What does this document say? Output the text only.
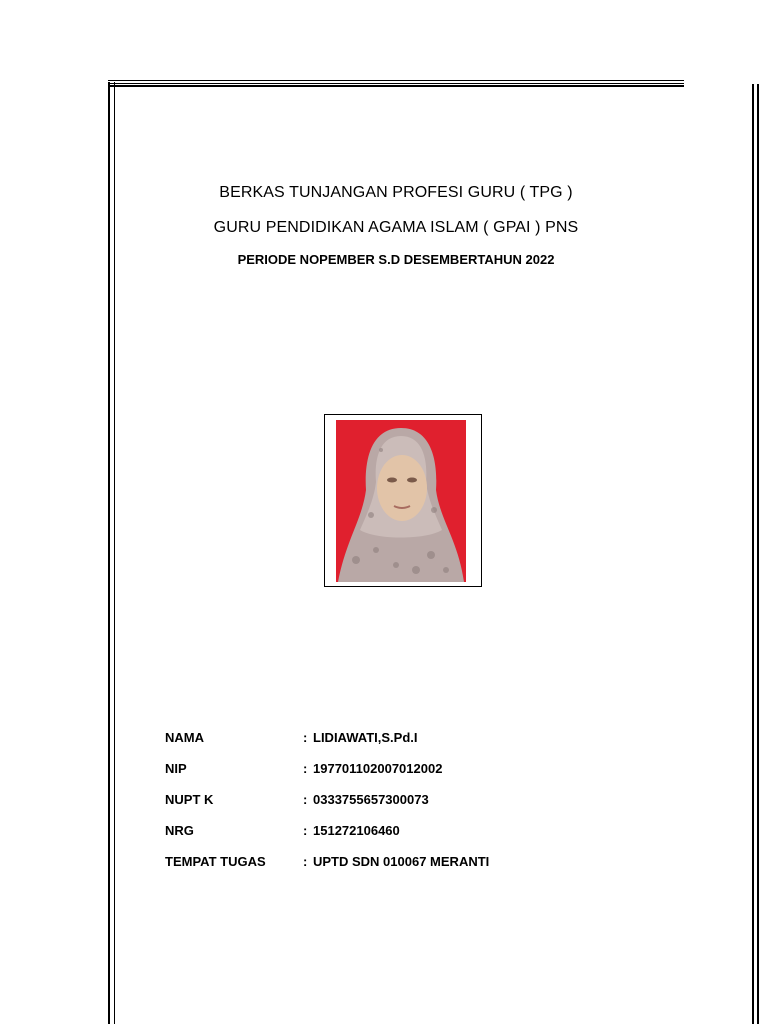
BERKAS TUNJANGAN PROFESI GURU ( TPG )
GURU PENDIDIKAN AGAMA ISLAM ( GPAI ) PNS
PERIODE NOPEMBER S.D DESEMBERTAHUN 2022
NAMA	: LIDIAWATI,S.Pd.I
NIP	: 197701102007012002
NUPT K	: 0333755657300073
NRG	: 151272106460
TEMPAT TUGAS	: UPTD SDN 010067 MERANTI
